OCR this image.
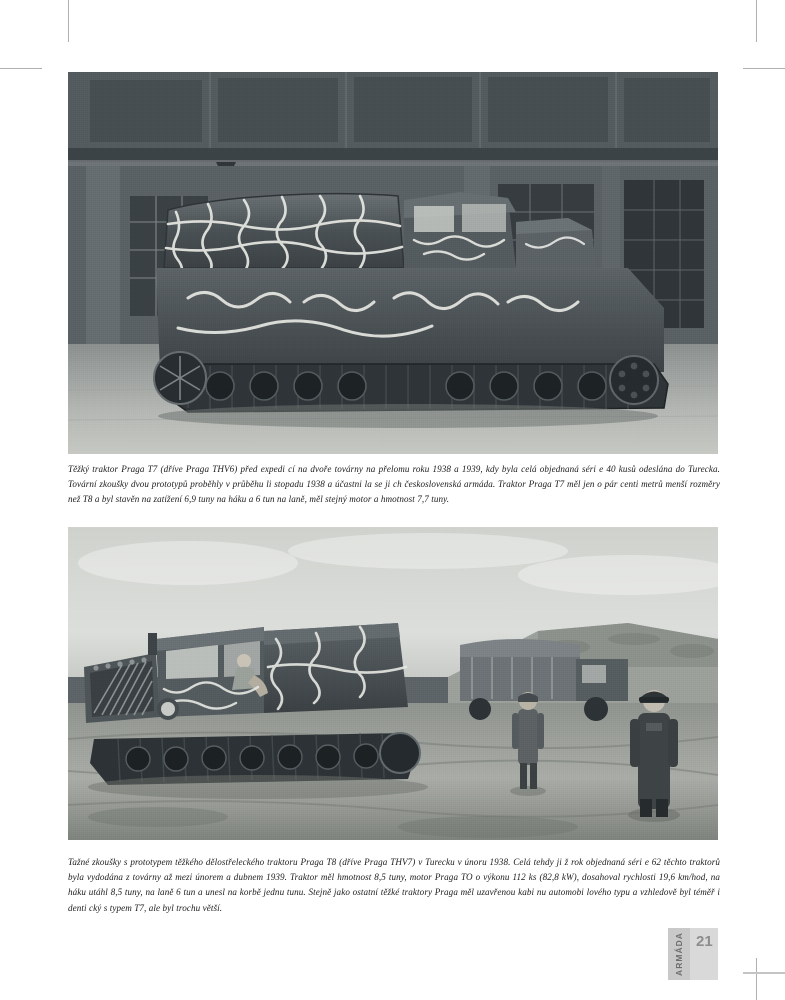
Těžký traktor Praga T7 (dříve Praga THV6) před expedi cí na dvoře továrny na přelomu roku 1938 a 1939, kdy byla celá objednaná séri e 40 kusů odeslána do Turecka. Tovární zkoušky dvou prototypů proběhly v průběhu li stopadu 1938 a účastni la se ji ch československá armáda. Traktor Praga T7 měl jen o pár centi metrů menší rozměry než T8 a byl stavěn na zatížení 6,9 tuny na háku a 6 tun na laně, měl stejný motor a hmotnost 7,7 tuny.
Tažné zkoušky s prototypem těžkého dělostřeleckého traktoru Praga T8 (dříve Praga THV7) v Turecku v únoru 1938. Celá tehdy ji ž rok objednaná séri e 62 těchto traktorů byla vydodána z továrny až mezi únorem a dubnem 1939. Traktor měl hmotnost 8,5 tuny, motor Praga TO o výkonu 112 ks (82,8 kW), dosahoval rychlosti 19,6 km/hod, na háku utáhl 8,5 tuny, na laně 6 tun a unesl na korbě jednu tunu. Stejně jako ostatní těžké traktory Praga měl uzavřenou kabi nu automobi lového typu a vzhledově byl téměř i denti cký s typem T7, ale byl trochu větší.
ARMÁDA 21
